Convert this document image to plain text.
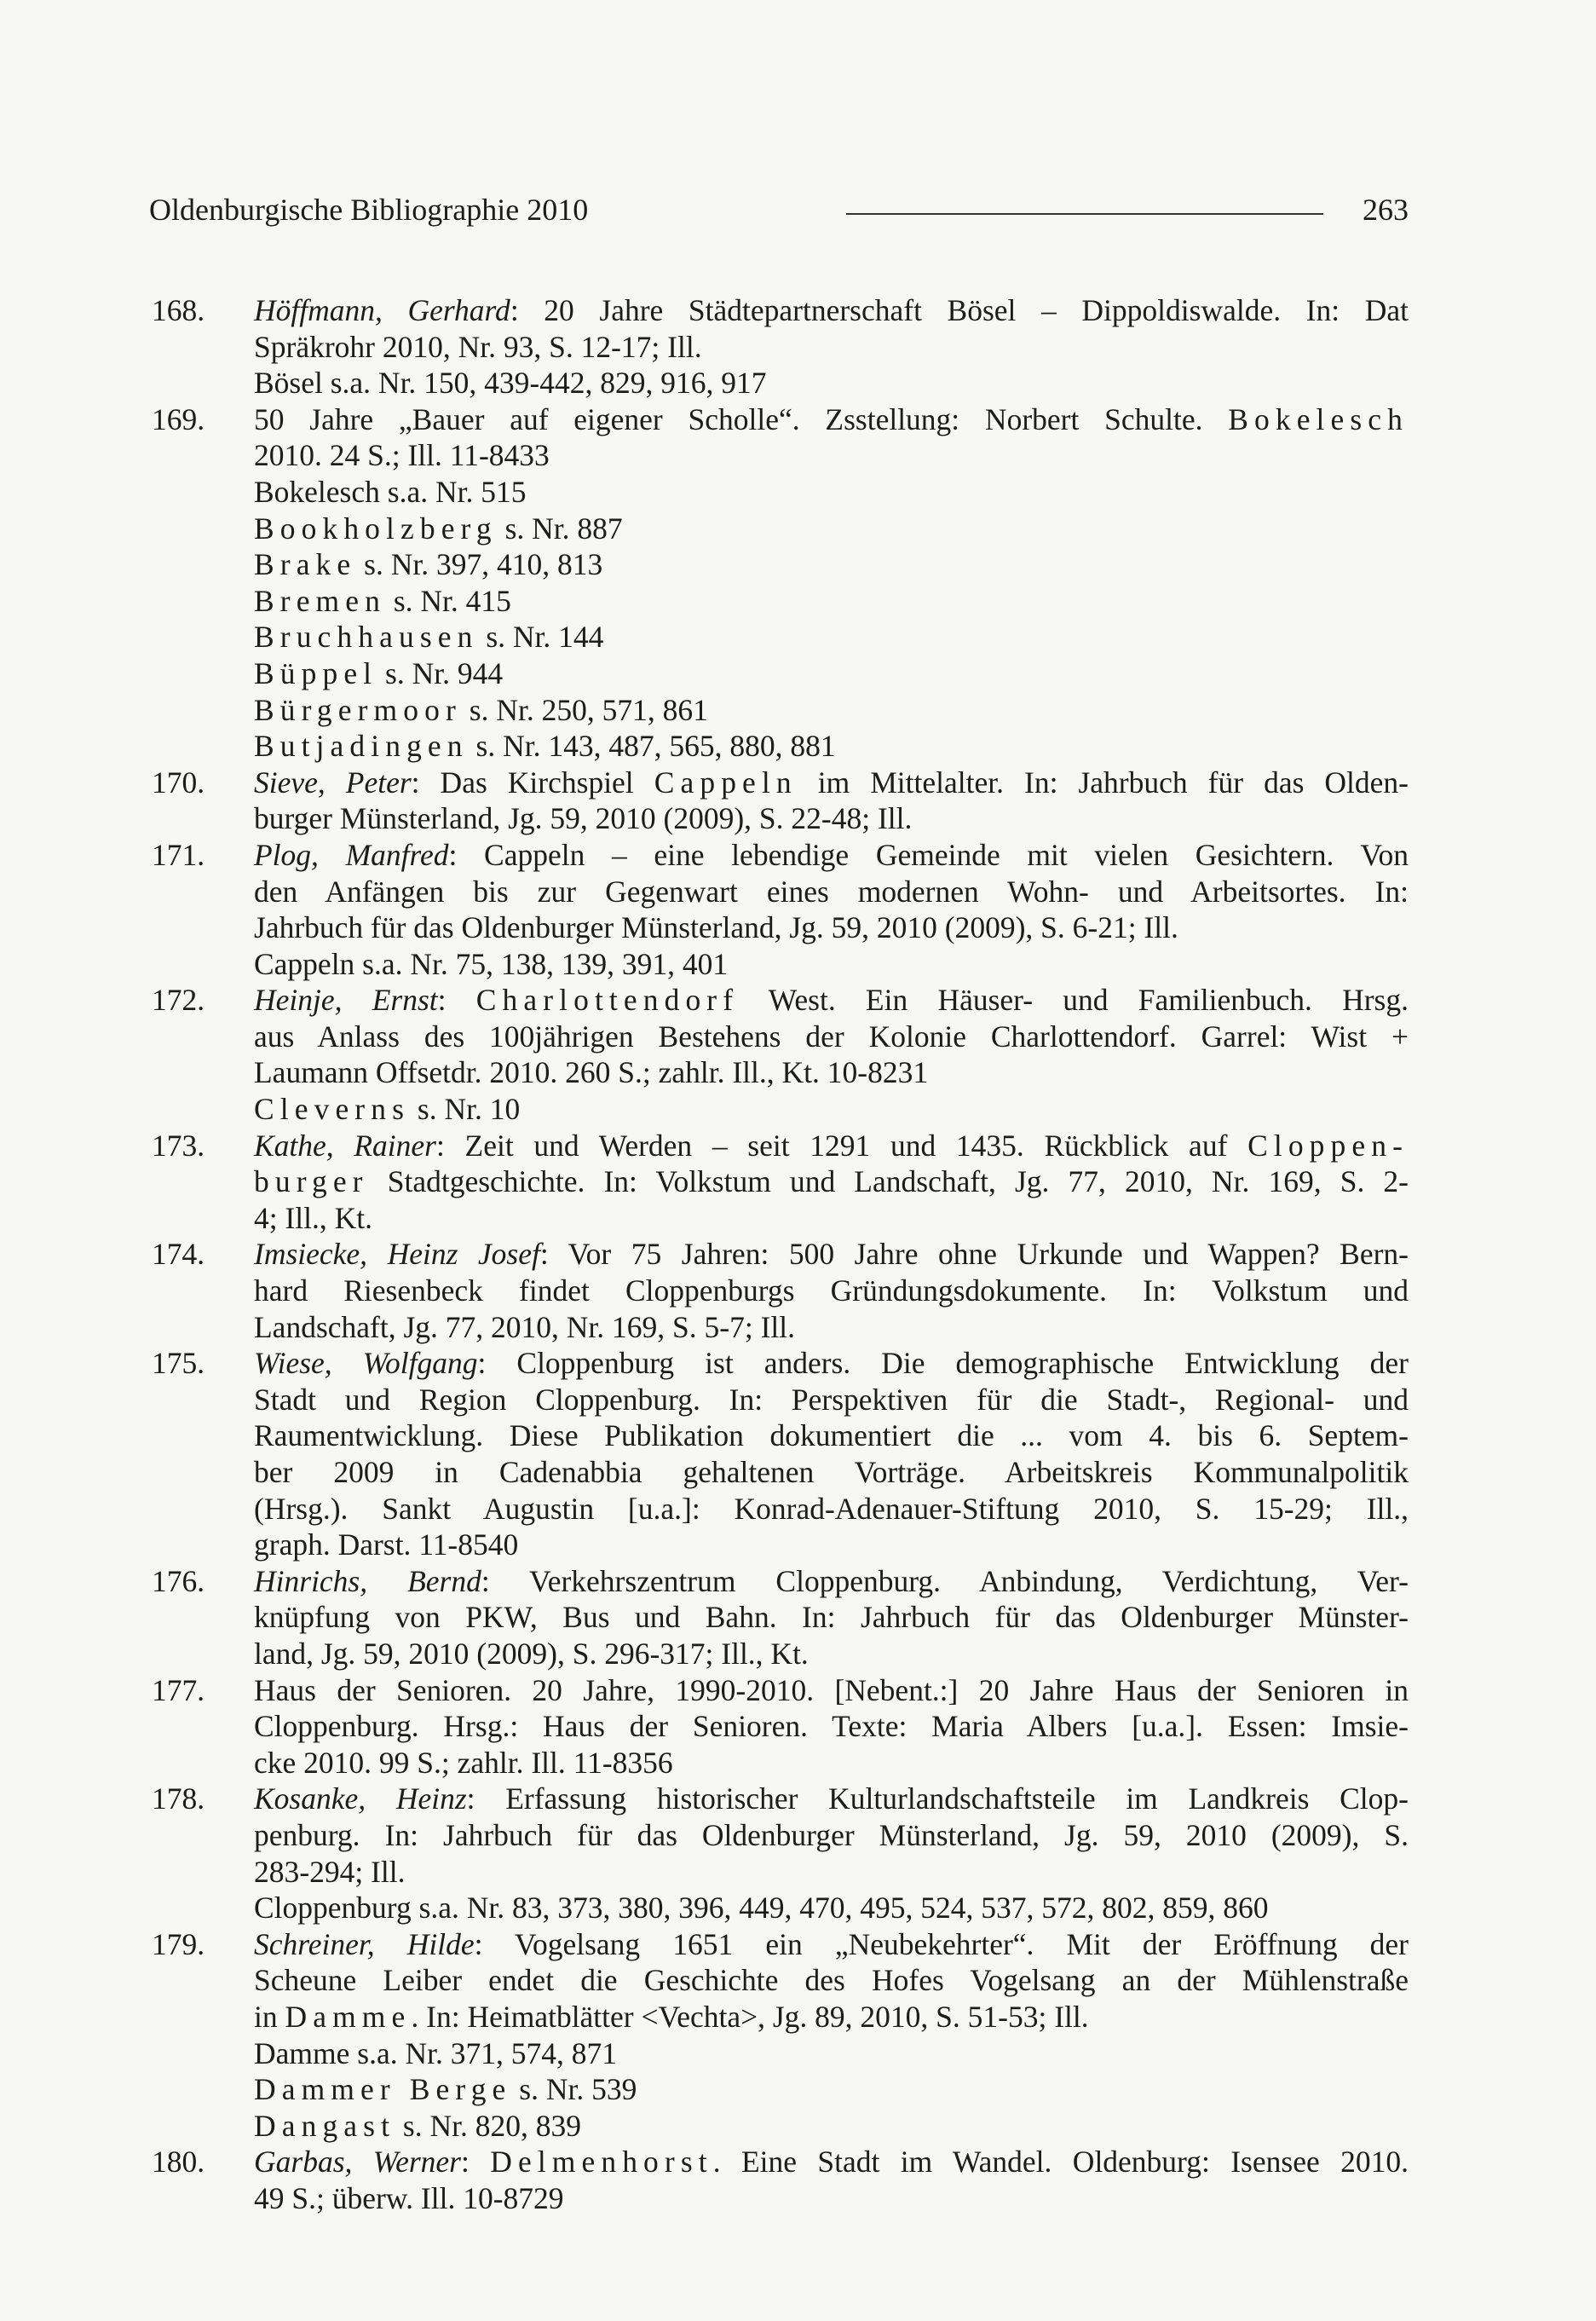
Oldenburgische Bibliographie 2010	263
168. Höffmann, Gerhard: 20 Jahre Städtepartnerschaft Bösel – Dippoldiswalde. In: Dat
Spräkrohr 2010, Nr. 93, S. 12-17; Ill.
Bösel s.a. Nr. 150, 439-442, 829, 916, 917
169. 50 Jahre „Bauer auf eigener Scholle“. Zsstellung: Norbert Schulte. Bokelesch
2010. 24 S.; Ill. 11-8433
Bokelesch s.a. Nr. 515
Bookholzberg s. Nr. 887
Brake s. Nr. 397, 410, 813
Bremen s. Nr. 415
Bruchhausen s. Nr. 144
Büppel s. Nr. 944
Bürgermoor s. Nr. 250, 571, 861
Butjadingen s. Nr. 143, 487, 565, 880, 881
170. Sieve, Peter: Das Kirchspiel Cappeln im Mittelalter. In: Jahrbuch für das Olden-
burger Münsterland, Jg. 59, 2010 (2009), S. 22-48; Ill.
171. Plog, Manfred: Cappeln – eine lebendige Gemeinde mit vielen Gesichtern. Von
den Anfängen bis zur Gegenwart eines modernen Wohn- und Arbeitsortes. In:
Jahrbuch für das Oldenburger Münsterland, Jg. 59, 2010 (2009), S. 6-21; Ill.
Cappeln s.a. Nr. 75, 138, 139, 391, 401
172. Heinje, Ernst: Charlottendorf West. Ein Häuser- und Familienbuch. Hrsg.
aus Anlass des 100jährigen Bestehens der Kolonie Charlottendorf. Garrel: Wist +
Laumann Offsetdr. 2010. 260 S.; zahlr. Ill., Kt. 10-8231
Cleverns s. Nr. 10
173. Kathe, Rainer: Zeit und Werden – seit 1291 und 1435. Rückblick auf Cloppen-
burger Stadtgeschichte. In: Volkstum und Landschaft, Jg. 77, 2010, Nr. 169, S. 2-
4; Ill., Kt.
174. Imsiecke, Heinz Josef: Vor 75 Jahren: 500 Jahre ohne Urkunde und Wappen? Bern-
hard Riesenbeck findet Cloppenburgs Gründungsdokumente. In: Volkstum und
Landschaft, Jg. 77, 2010, Nr. 169, S. 5-7; Ill.
175. Wiese, Wolfgang: Cloppenburg ist anders. Die demographische Entwicklung der
Stadt und Region Cloppenburg. In: Perspektiven für die Stadt-, Regional- und
Raumentwicklung. Diese Publikation dokumentiert die ... vom 4. bis 6. Septem-
ber 2009 in Cadenabbia gehaltenen Vorträge. Arbeitskreis Kommunalpolitik
(Hrsg.). Sankt Augustin [u.a.]: Konrad-Adenauer-Stiftung 2010, S. 15-29; Ill.,
graph. Darst. 11-8540
176. Hinrichs, Bernd: Verkehrszentrum Cloppenburg. Anbindung, Verdichtung, Ver-
knüpfung von PKW, Bus und Bahn. In: Jahrbuch für das Oldenburger Münster-
land, Jg. 59, 2010 (2009), S. 296-317; Ill., Kt.
177. Haus der Senioren. 20 Jahre, 1990-2010. [Nebent.:] 20 Jahre Haus der Senioren in
Cloppenburg. Hrsg.: Haus der Senioren. Texte: Maria Albers [u.a.]. Essen: Imsie-
cke 2010. 99 S.; zahlr. Ill. 11-8356
178. Kosanke, Heinz: Erfassung historischer Kulturlandschaftsteile im Landkreis Clop-
penburg. In: Jahrbuch für das Oldenburger Münsterland, Jg. 59, 2010 (2009), S.
283-294; Ill.
Cloppenburg s.a. Nr. 83, 373, 380, 396, 449, 470, 495, 524, 537, 572, 802, 859, 860
179. Schreiner, Hilde: Vogelsang 1651 ein „Neubekehrter“. Mit der Eröffnung der
Scheune Leiber endet die Geschichte des Hofes Vogelsang an der Mühlenstraße
in Damme. In: Heimatblätter <Vechta>, Jg. 89, 2010, S. 51-53; Ill.
Damme s.a. Nr. 371, 574, 871
Dammer Berge s. Nr. 539
Dangast s. Nr. 820, 839
180. Garbas, Werner: Delmenhorst. Eine Stadt im Wandel. Oldenburg: Isensee 2010.
49 S.; überw. Ill. 10-8729
